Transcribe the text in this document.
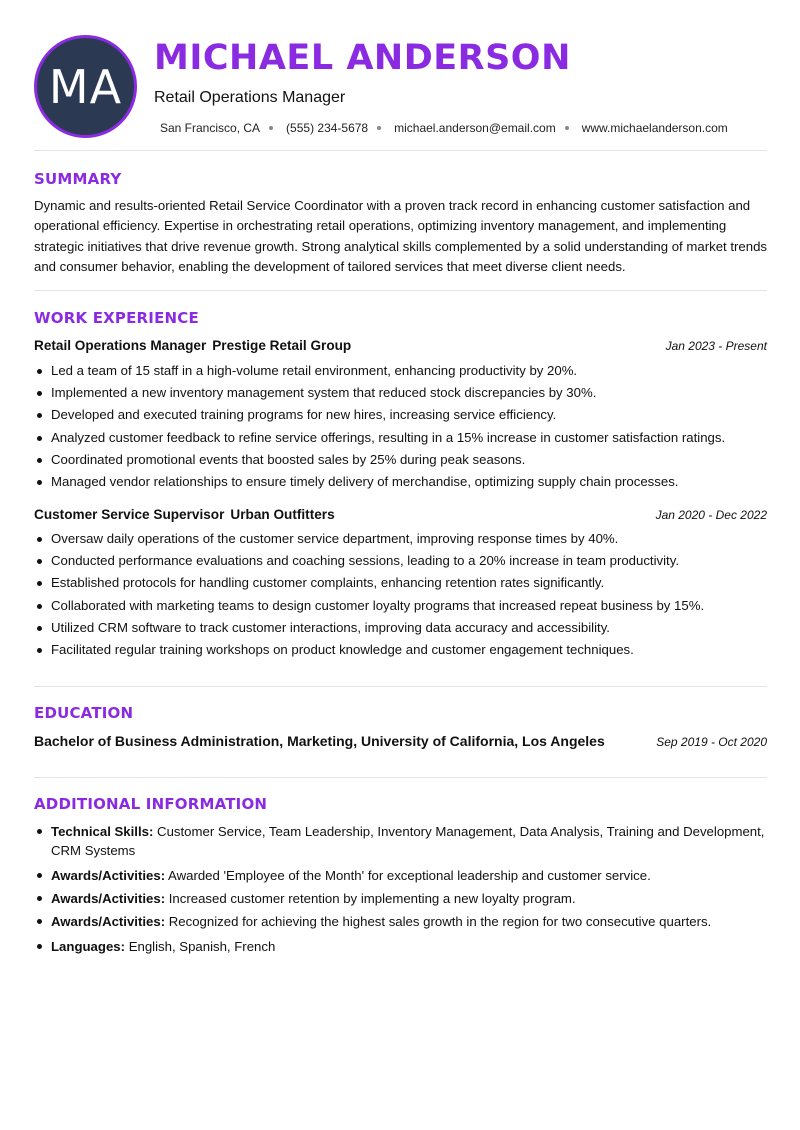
MA
MICHAEL ANDERSON
Retail Operations Manager
San Francisco, CA (555) 234-5678 michael.anderson@email.com www.michaelanderson.com
SUMMARY
Dynamic and results-oriented Retail Service Coordinator with a proven track record in enhancing customer satisfaction and operational efficiency. Expertise in orchestrating retail operations, optimizing inventory management, and implementing strategic initiatives that drive revenue growth. Strong analytical skills complemented by a solid understanding of market trends and consumer behavior, enabling the development of tailored services that meet diverse client needs.
WORK EXPERIENCE
Retail Operations Manager Prestige Retail Group	Jan 2023 - Present
Led a team of 15 staff in a high-volume retail environment, enhancing productivity by 20%.
Implemented a new inventory management system that reduced stock discrepancies by 30%.
Developed and executed training programs for new hires, increasing service efficiency.
Analyzed customer feedback to refine service offerings, resulting in a 15% increase in customer satisfaction ratings.
Coordinated promotional events that boosted sales by 25% during peak seasons.
Managed vendor relationships to ensure timely delivery of merchandise, optimizing supply chain processes.
Customer Service Supervisor Urban Outfitters	Jan 2020 - Dec 2022
Oversaw daily operations of the customer service department, improving response times by 40%.
Conducted performance evaluations and coaching sessions, leading to a 20% increase in team productivity.
Established protocols for handling customer complaints, enhancing retention rates significantly.
Collaborated with marketing teams to design customer loyalty programs that increased repeat business by 15%.
Utilized CRM software to track customer interactions, improving data accuracy and accessibility.
Facilitated regular training workshops on product knowledge and customer engagement techniques.
EDUCATION
Bachelor of Business Administration, Marketing, University of California, Los Angeles	Sep 2019 - Oct 2020
ADDITIONAL INFORMATION
Technical Skills: Customer Service, Team Leadership, Inventory Management, Data Analysis, Training and Development, CRM Systems
Awards/Activities: Awarded 'Employee of the Month' for exceptional leadership and customer service.
Awards/Activities: Increased customer retention by implementing a new loyalty program.
Awards/Activities: Recognized for achieving the highest sales growth in the region for two consecutive quarters.
Languages: English, Spanish, French
